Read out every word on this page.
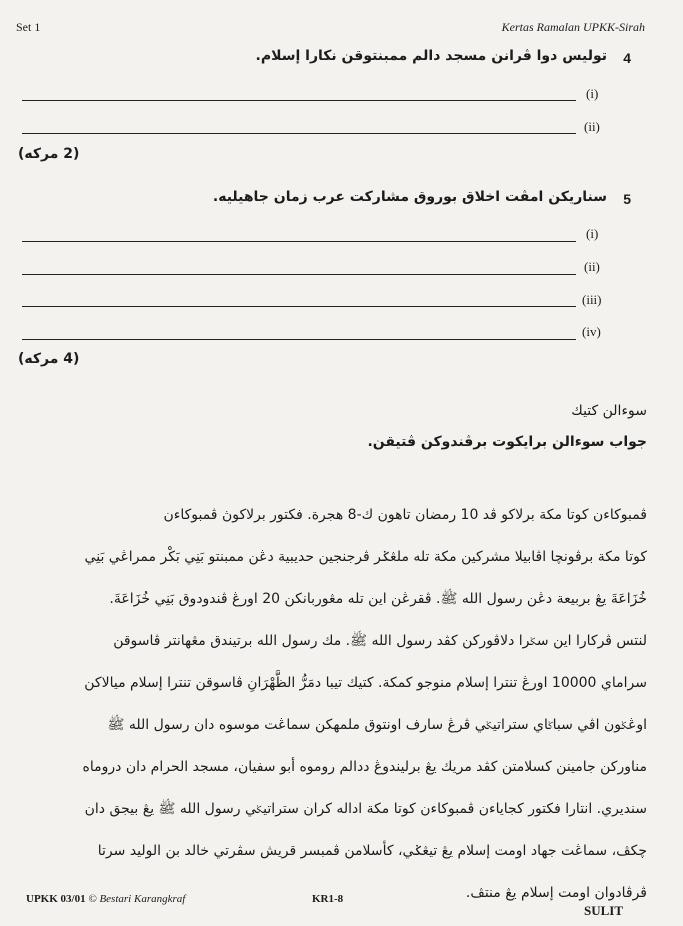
Set 1	Kertas Ramalan UPKK-Sirah
4
توليس دوا ڤرانن مسجد دالم ممبنتوقن نكارا إسلام.
(i)
(ii)
(2 مركه)
5
سناريكن امڤت اخلاق بوروق مشاركت عرب زمان جاهيليه.
(i)
(ii)
(iii)
(iv)
(4 مركه)
سوءالن كتيك
جواب سوءالن برايكوت برڤندوكن ڤتيقن.
ڤمبوكاءن كوتا مكة برلاكو ڤد 10 رمضان تاهون ك-8 هجرة. فكتور برلاكوڽ ڤمبوكاءن
كوتا مكة برڤونچا اڤابيلا مشركين مكة تله ملڠݢر ڤرجنجين حديبية دڠن ممبنتو بَنِي بَكْر ممراڠي بَنِي
خُزَاعَةَ يڠ بربيعة دڠن رسول الله ﷺ. ڤقرڠن اين تله مڠوربانكن 20 اورڠ ڤندودوق بَنِي خُزَاعَةَ.
لنتس ڤركارا اين سݢرا دلاڤوركن كڤد رسول الله ﷺ. مك رسول الله برتيندق مڠهانتر ڤاسوقن
سراماي 10000 اورڠ تنترا إسلام منوجو كمكة. كتيك تيبا دمَرُّ الظَّهْرَانِ ڤاسوقن تنترا إسلام ميالاكن
اوڠݢون اڤي سباݢاي ستراتيݢي ڤرڠ سارف اونتوق ملمهكن سماڠت موسوه دان رسول الله ﷺ
مناورکن جامينن كسلامتن كڤد مريك يڠ برليندوڠ ددالم روموه أبو سفيان، مسجد الحرام دان دروماه
سنديري. انتارا فكتور كجاياءن ڤمبوكاءن كوتا مكة اداله كران ستراتيݢي رسول الله ﷺ يڠ بيجق دان
چكڤ، سماڠت جهاد اومت إسلام يڠ تيڠݢي، كأسلامن ڤمبسر قريش سڤرتي خالد بن الوليد سرتا
ڤرڤادوان اومت إسلام يڠ منتڤ.
UPKK 03/01 © Bestari Karangkraf	KR1-8
SULIT
